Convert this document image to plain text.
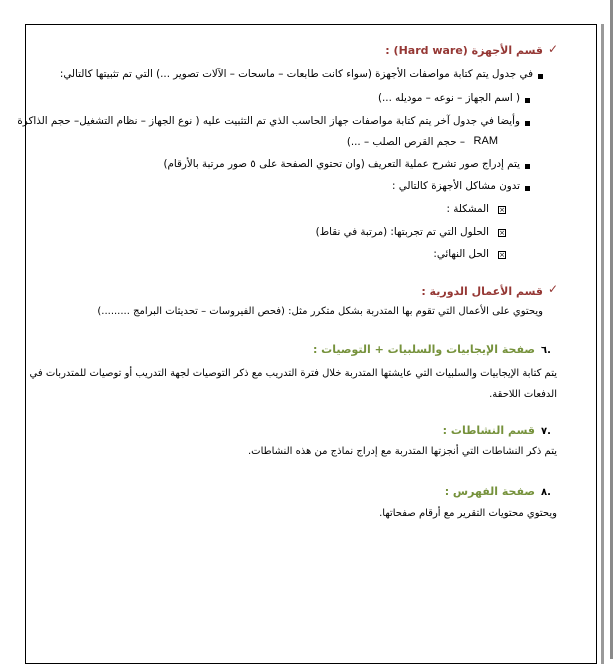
✓
قسم الأجهزة (Hard ware) :
في جدول يتم كتابة مواصفات الأجهزة (سواء كانت طابعات – ماسحات – الآلات تصوير ...) التي تم تثبيتها كالتالي:
( اسم الجهاز – نوعه – موديله ...)
وأيضا في جدول آخر يتم كتابة مواصفات جهاز الحاسب الذي تم التثبيت عليه ( نوع الجهاز – نظام التشغيل– حجم الذاكرة
RAM
– حجم القرص الصلب – ...)
يتم إدراج صور تشرح عملية التعريف (وان تحتوي الصفحة على ٥ صور مرتبة بالأرقام)
تدون مشاكل الأجهزة كالتالي :
×
المشكلة :
×
الحلول التي تم تجربتها: (مرتبة في نقاط)
×
الحل النهائي:
✓
قسم الأعمال الدورية :
ويحتوي على الأعمال التي تقوم بها المتدربة بشكل متكرر مثل: (فحص الفيروسات – تحديثات البرامج .........)
٦.
صفحة الإيجابيات والسلبيات + التوصيات :
يتم كتابة الإيجابيات والسلبيات التي عايشتها المتدربة خلال فترة التدريب مع ذكر التوصيات لجهة التدريب أو توصيات للمتدربات في
الدفعات اللاحقة.
٧.
قسم النشاطات :
يتم ذكر النشاطات التي أنجزتها المتدربة مع إدراج نماذج من هذه النشاطات.
٨.
صفحة الفهرس :
ويحتوي محتويات التقرير مع أرقام صفحاتها.
